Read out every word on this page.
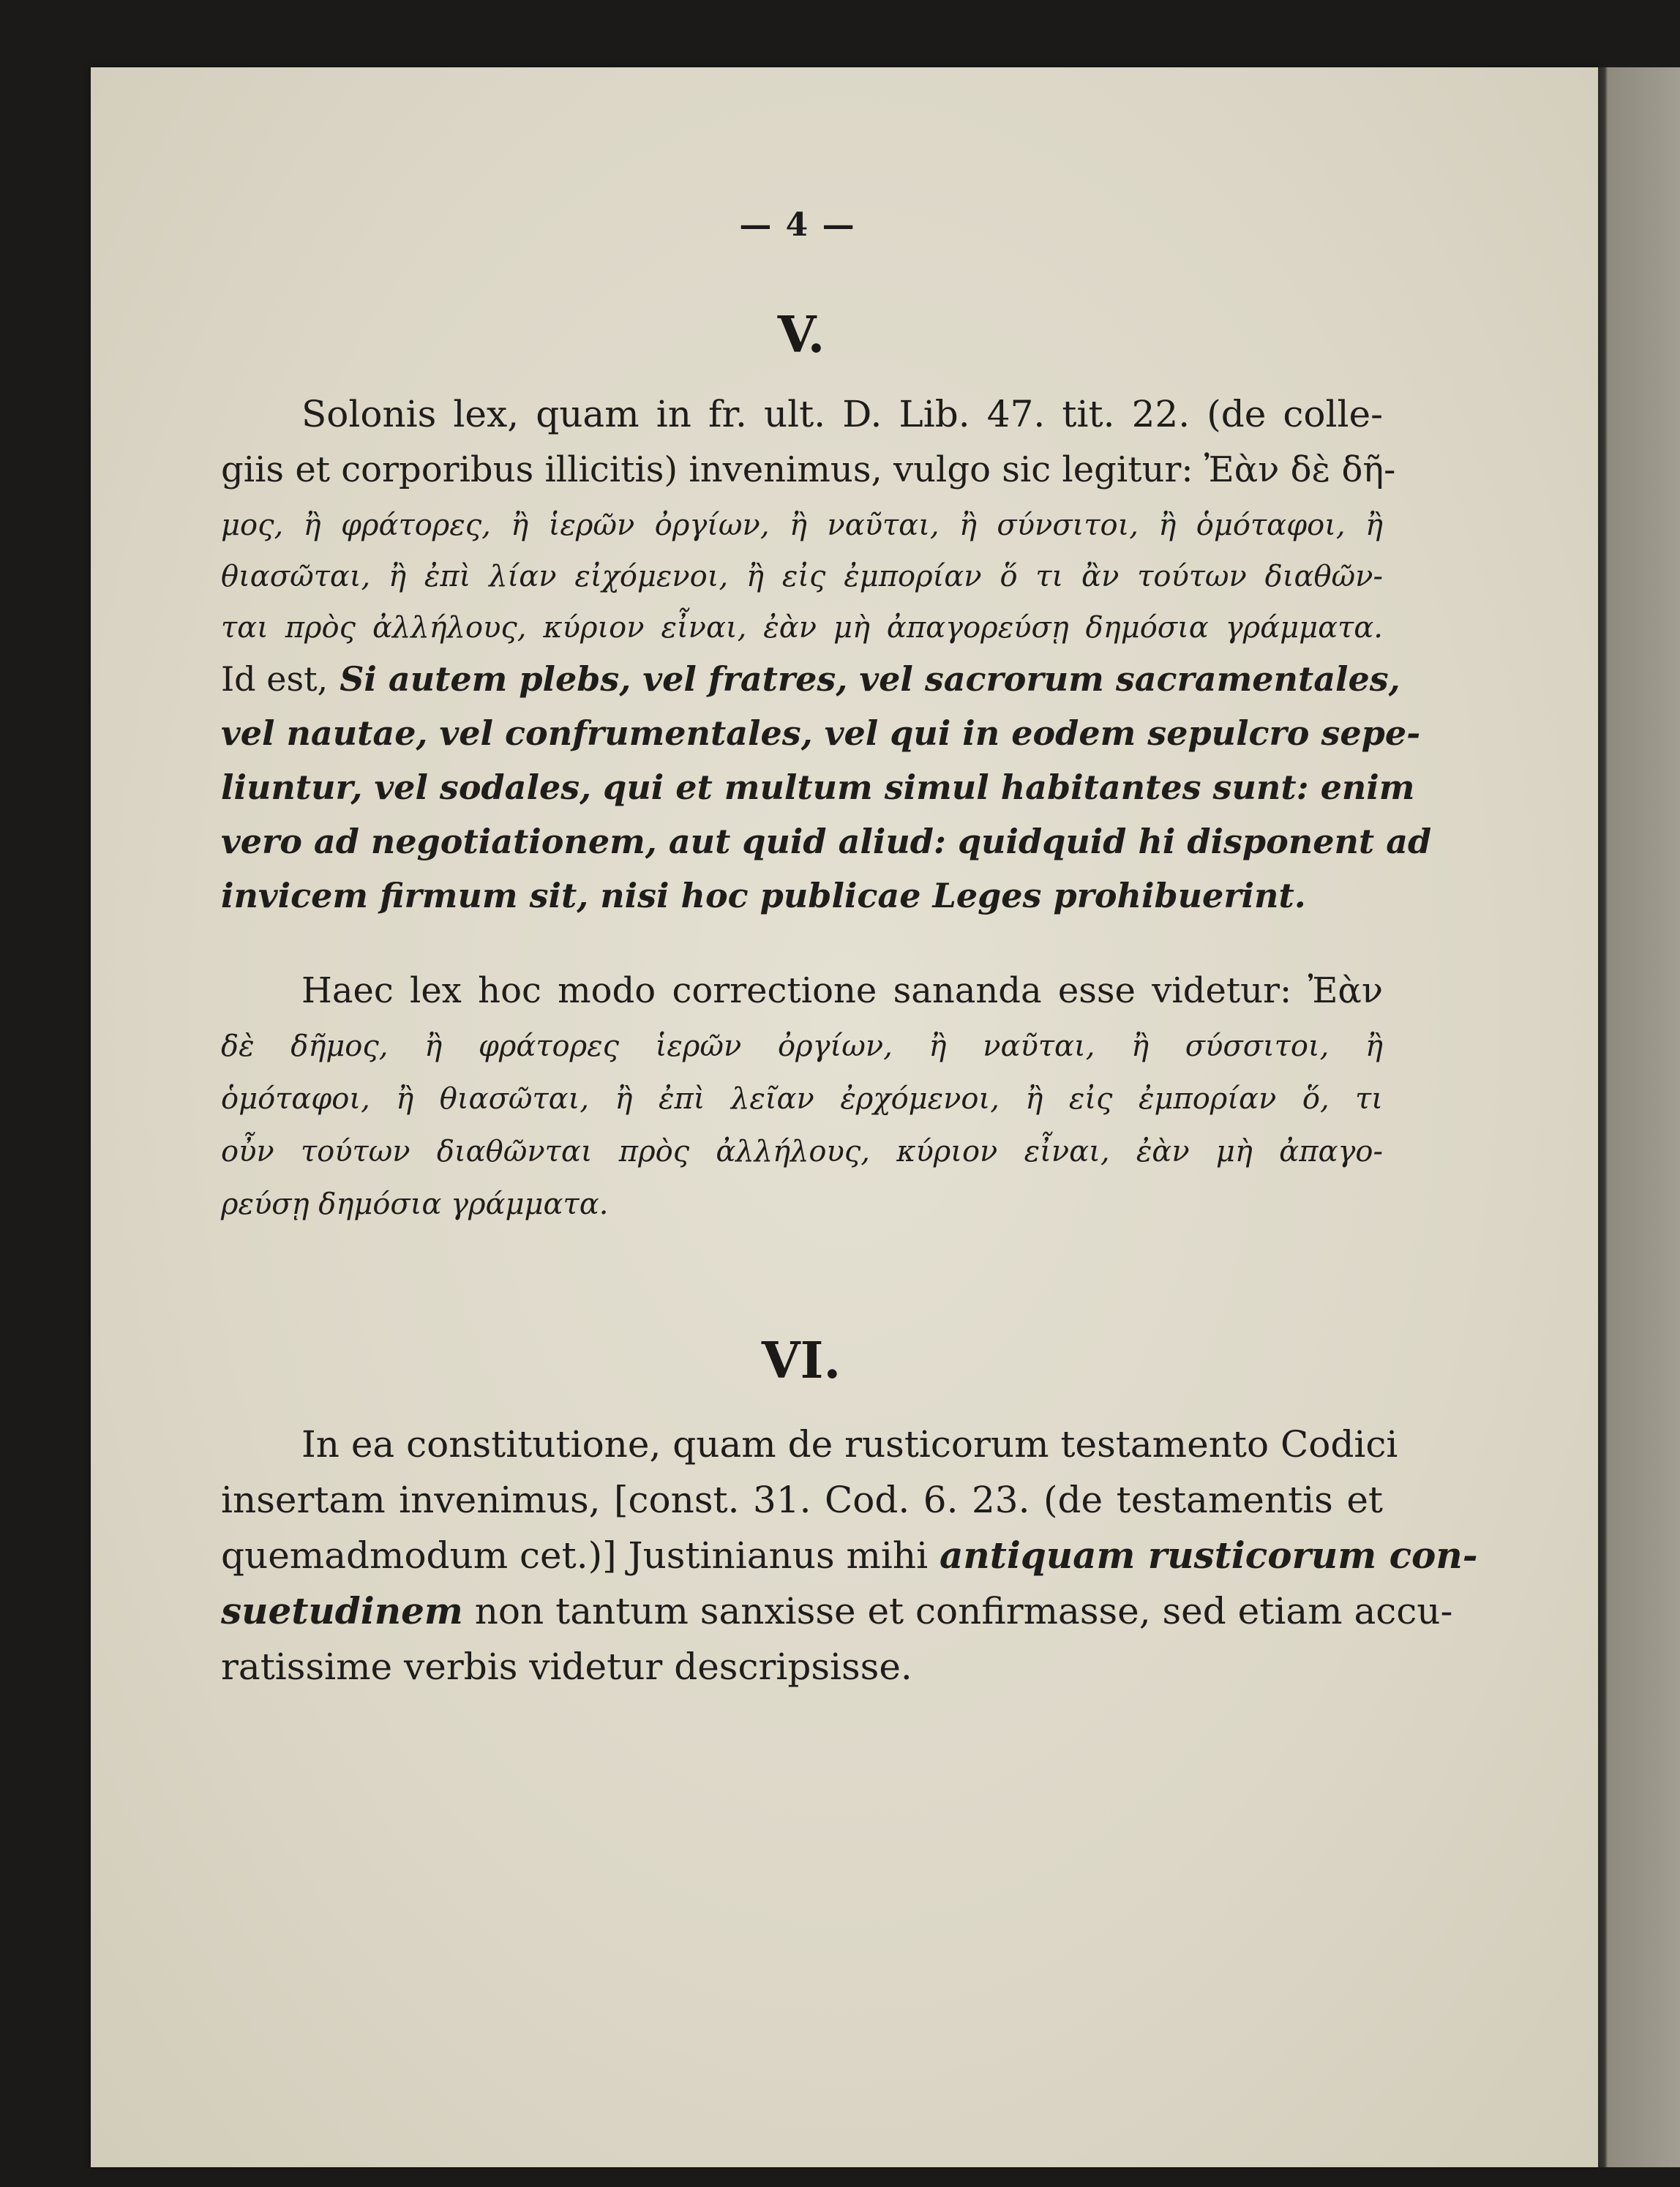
— 4 —
V.
Solonis lex, quam in fr. ult. D. Lib. 47. tit. 22. (de colle-
giis et corporibus illicitis) invenimus, vulgo sic legitur: Ἐὰν δὲ δῆ-
μος, ἢ φράτορες, ἢ ἱερῶν ὀργίων, ἢ ναῦται, ἢ σύνσιτοι, ἢ ὁμόταφοι, ἢ
θιασῶται, ἢ ἐπὶ λίαν εἰχόμενοι, ἢ εἰς ἐμπορίαν ὅ τι ἂν τούτων διαθῶν-
ται πρὸς ἀλλήλους, κύριον εἶναι, ἐὰν μὴ ἀπαγορεύσῃ δημόσια γράμματα.
Id est, Si autem plebs, vel fratres, vel sacrorum sacramentales,
vel nautae, vel confrumentales, vel qui in eodem sepulcro sepe-
liuntur, vel sodales, qui et multum simul habitantes sunt: enim
vero ad negotiationem, aut quid aliud: quidquid hi disponent ad
invicem firmum sit, nisi hoc publicae Leges prohibuerint.
Haec lex hoc modo correctione sananda esse videtur: Ἐὰν
δὲ δῆμος, ἢ φράτορες ἱερῶν ὀργίων, ἢ ναῦται, ἢ σύσσιτοι, ἢ
ὁμόταφοι, ἢ θιασῶται, ἢ ἐπὶ λεῖαν ἐρχόμενοι, ἢ εἰς ἐμπορίαν ὅ, τι
οὖν τούτων διαθῶνται πρὸς ἀλλήλους, κύριον εἶναι, ἐὰν μὴ ἀπαγο-
ρεύσῃ δημόσια γράμματα.
VI.
In ea constitutione, quam de rusticorum testamento Codici
insertam invenimus, [const. 31. Cod. 6. 23. (de testamentis et
quemadmodum cet.)] Justinianus mihi antiquam rusticorum con-
suetudinem non tantum sanxisse et confirmasse, sed etiam accu-
ratissime verbis videtur descripsisse.
